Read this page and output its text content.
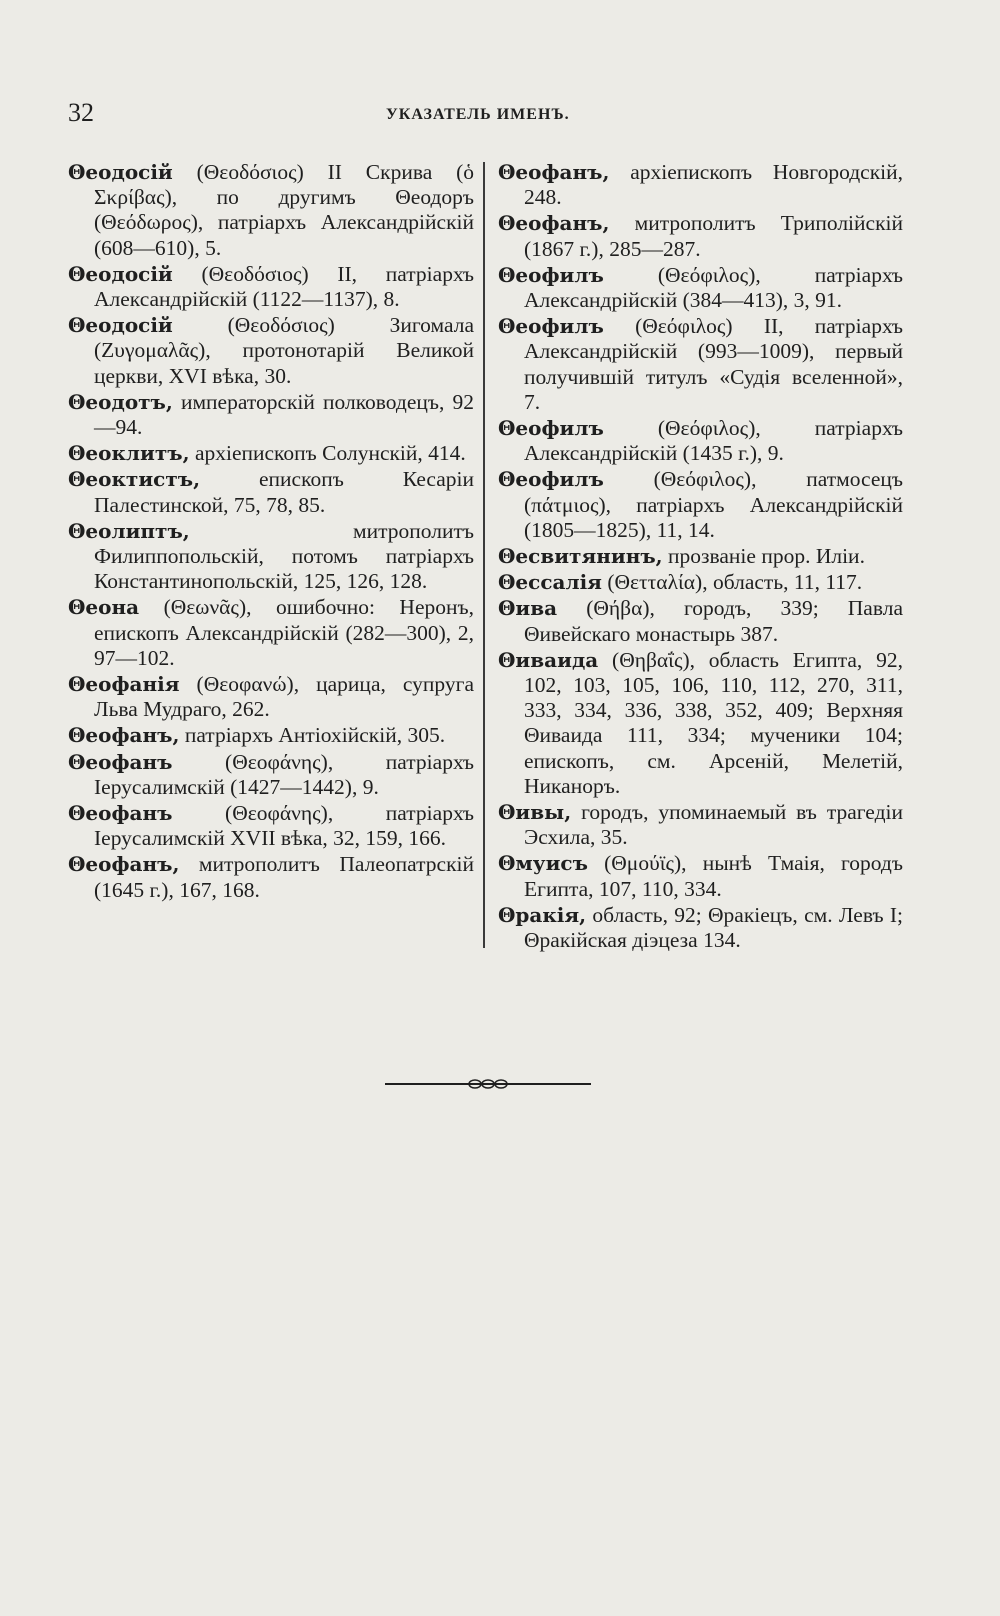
32	УКАЗАТЕЛЬ ИМЕНЪ.

Θеодосій (Θεοδόσιος) II Скрива (ὁ Σκρίβας), по другимъ Θеодоръ (Θεόδωρος), патріархъ Александрійскій (608—610), 5.

Θеодосій (Θεοδόσιος) II, патріархъ Александрійскій (1122—1137), 8.

Θеодосій (Θεοδόσιος) Зигомала (Ζυγομαλᾶς), протонотарій Великой церкви, XVI вѣка, 30.

Θеодотъ, императорскій полководецъ, 92—94.

Θеоклитъ, архіепископъ Солунскій, 414.

Θеоктистъ, епископъ Кесаріи Палестинской, 75, 78, 85.

Θеолиптъ, митрополитъ Филиппопольскій, потомъ патріархъ Константинопольскій, 125, 126, 128.

Θеона (Θεωνᾶς), ошибочно: Неронъ, епископъ Александрійскій (282—300), 2, 97—102.

Θеофанія (Θεοφανώ), царица, супруга Льва Мудраго, 262.

Θеофанъ, патріархъ Антіохійскій, 305.

Θеофанъ (Θεοφάνης), патріархъ Іерусалимскій (1427—1442), 9.

Θеофанъ (Θεοφάνης), патріархъ Іерусалимскій XVII вѣка, 32, 159, 166.

Θеофанъ, митрополитъ Палеопатрскій (1645 г.), 167, 168.

Θеофанъ, архіепископъ Новгородскій, 248.

Θеофанъ, митрополитъ Триполійскій (1867 г.), 285—287.

Θеофилъ (Θεόφιλος), патріархъ Александрійскій (384—413), 3, 91.

Θеофилъ (Θεόφιλος) II, патріархъ Александрійскій (993—1009), первый получившій титулъ «Судія вселенной», 7.

Θеофилъ (Θεόφιλος), патріархъ Александрійскій (1435 г.), 9.

Θеофилъ (Θεόφιλος), патмосецъ (πάτμιος), патріархъ Александрійскій (1805—1825), 11, 14.

Θесвитянинъ, прозваніе прор. Иліи.

Θессалія (Θετταλία), область, 11, 117.

Θива (Θήβα), городъ, 339; Павла Θивейскаго монастырь 387.

Θиваида (Θηβαΐς), область Египта, 92, 102, 103, 105, 106, 110, 112, 270, 311, 333, 334, 336, 338, 352, 409; Верхняя Θиваида 111, 334; мученики 104; епископъ, см. Арсеній, Мелетій, Никаноръ.

Θивы, городъ, упоминаемый въ трагедіи Эсхила, 35.

Θмуисъ (Θμούϊς), нынѣ Тмаія, городъ Египта, 107, 110, 334.

Θракія, область, 92; Θракіецъ, см. Левъ I; Θракійская діэцеза 134.
